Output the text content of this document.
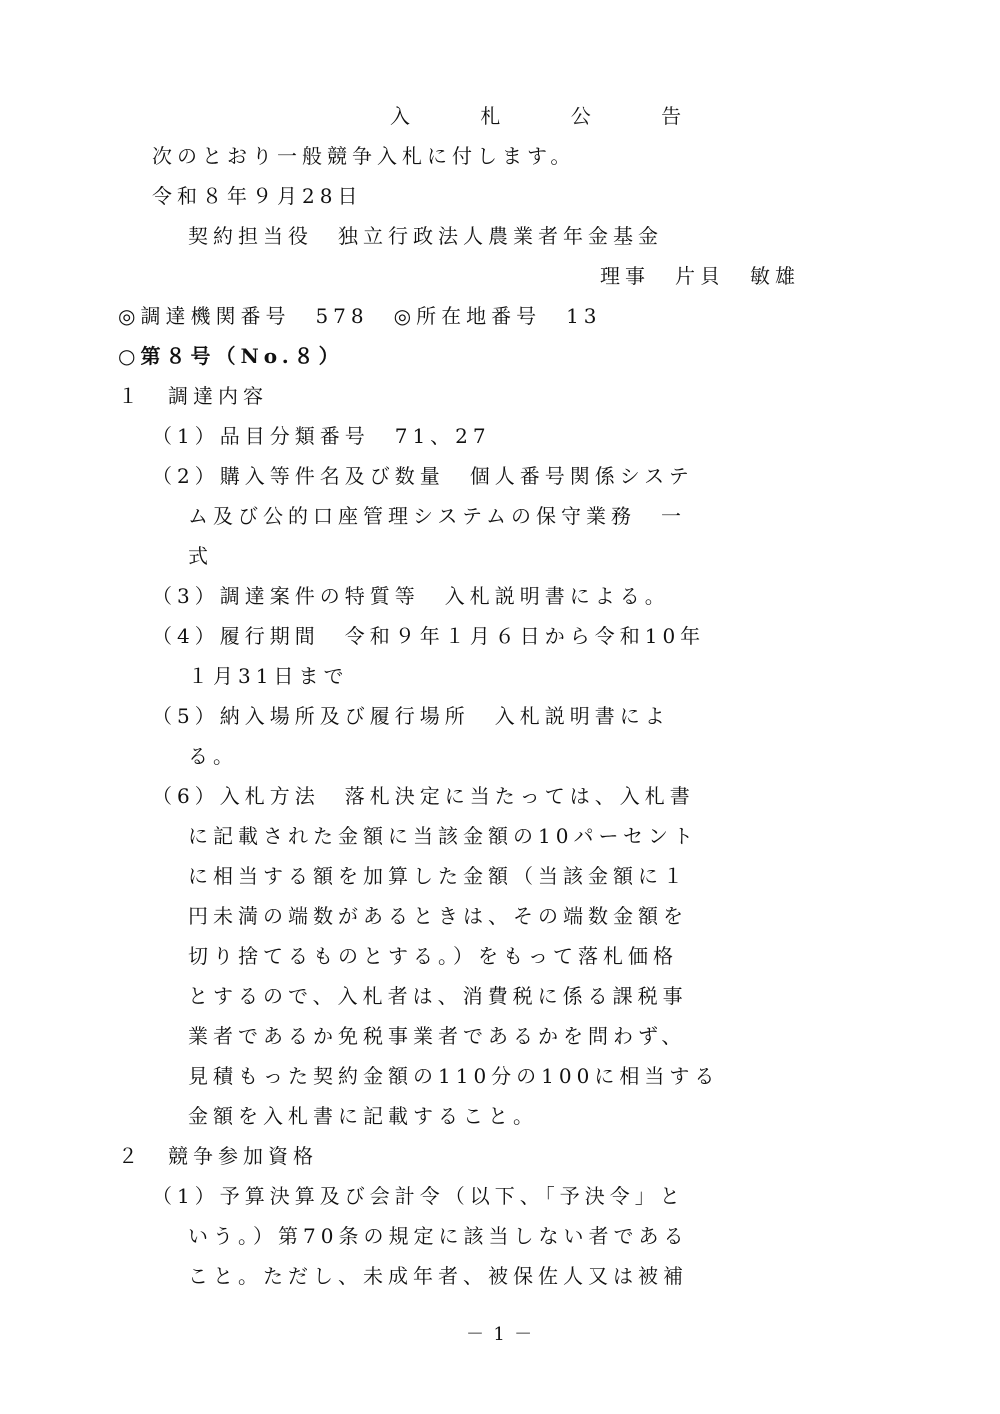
入 札 公 告
次のとおり一般競争入札に付します。
令和８年９月28日
契約担当役　独立行政法人農業者年金基金
理事　片貝　敏雄
◎調達機関番号　578　◎所在地番号　13
○第８号（No.８）
１　調達内容
（1）品目分類番号　71、27
（2）購入等件名及び数量　個人番号関係システ
ム及び公的口座管理システムの保守業務　一
式
（3）調達案件の特質等　入札説明書による。
（4）履行期間　令和９年１月６日から令和10年
１月31日まで
（5）納入場所及び履行場所　入札説明書によ
る。
（6）入札方法　落札決定に当たっては、入札書
に記載された金額に当該金額の10パーセント
に相当する額を加算した金額（当該金額に１
円未満の端数があるときは、その端数金額を
切り捨てるものとする。）をもって落札価格
とするので、入札者は、消費税に係る課税事
業者であるか免税事業者であるかを問わず、
見積もった契約金額の110分の100に相当する
金額を入札書に記載すること。
２　競争参加資格
（1）予算決算及び会計令（以下、「予決令」と
いう。）第70条の規定に該当しない者である
こと。ただし、未成年者、被保佐人又は被補
－ 1 －
